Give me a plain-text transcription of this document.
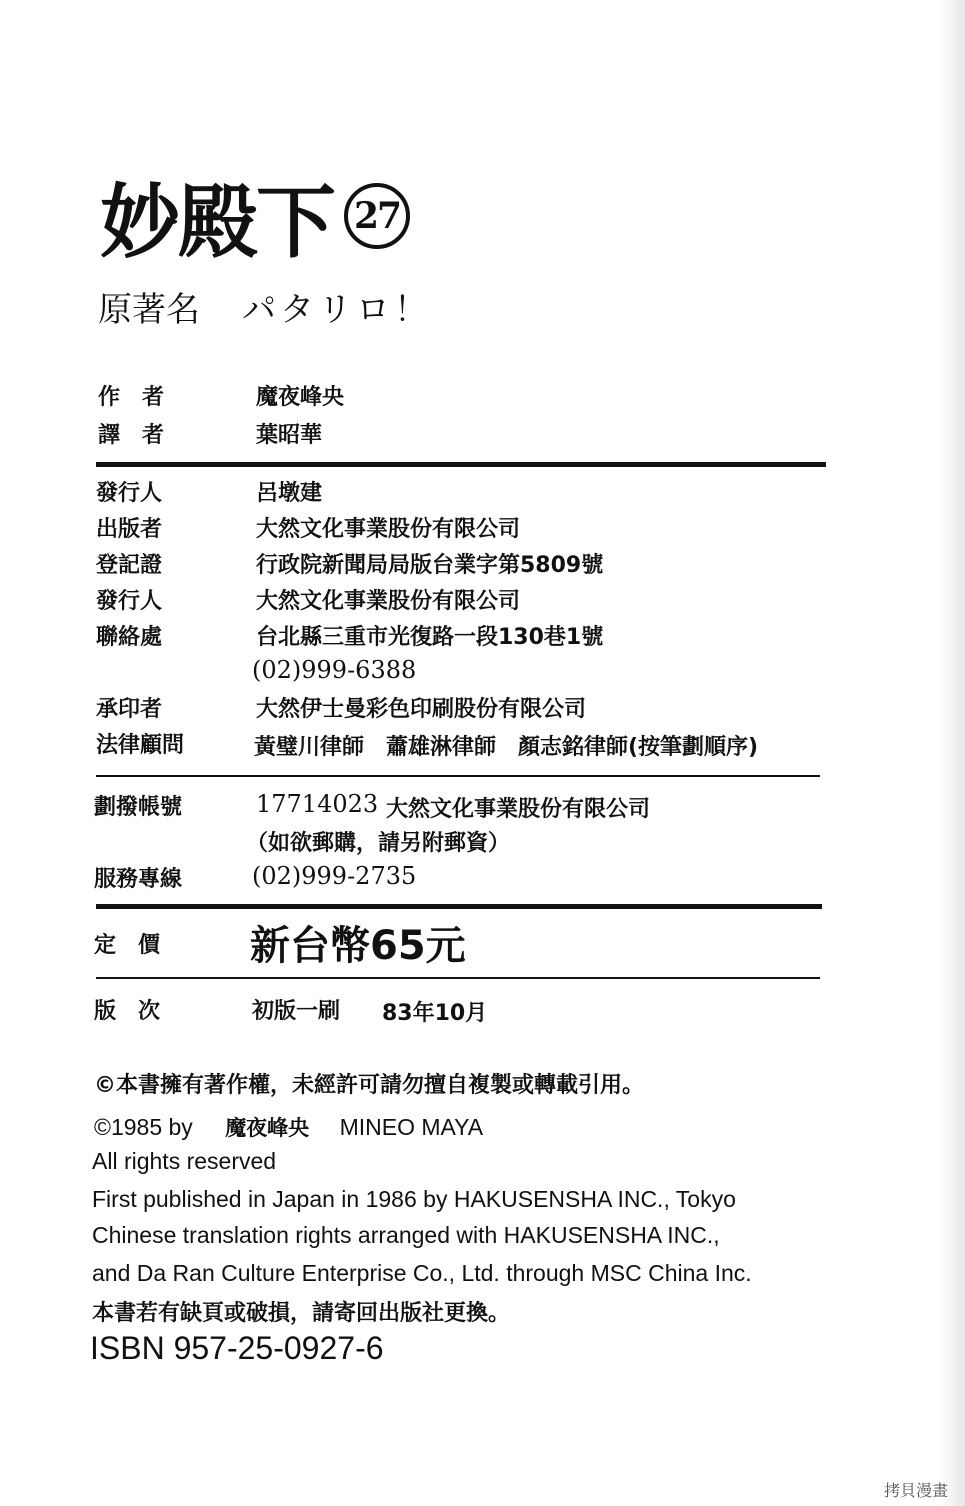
妙殿下 27
原著名 パタリロ！
作　者	魔夜峰央
譯　者	葉昭華
發行人	呂墩建
出版者	大然文化事業股份有限公司
登記證	行政院新聞局局版台業字第5809號
發行人	大然文化事業股份有限公司
聯絡處	台北縣三重市光復路一段130巷1號
(02)999-6388
承印者	大然伊士曼彩色印刷股份有限公司
法律顧問	黃璧川律師　蕭雄淋律師　顏志銘律師(按筆劃順序)
劃撥帳號	17714023 大然文化事業股份有限公司
（如欲郵購，請另附郵資）
服務專線	(02)999-2735
定　價 新台幣65元
版　次	初版一刷 83年10月
©本書擁有著作權，未經許可請勿擅自複製或轉載引用。
©1985 by 魔夜峰央 MINEO MAYA
All rights reserved
First published in Japan in 1986 by HAKUSENSHA INC., Tokyo
Chinese translation rights arranged with HAKUSENSHA INC.,
and Da Ran Culture Enterprise Co., Ltd. through MSC China Inc.
本書若有缺頁或破損，請寄回出版社更換。
ISBN 957-25-0927-6
拷貝漫畫
